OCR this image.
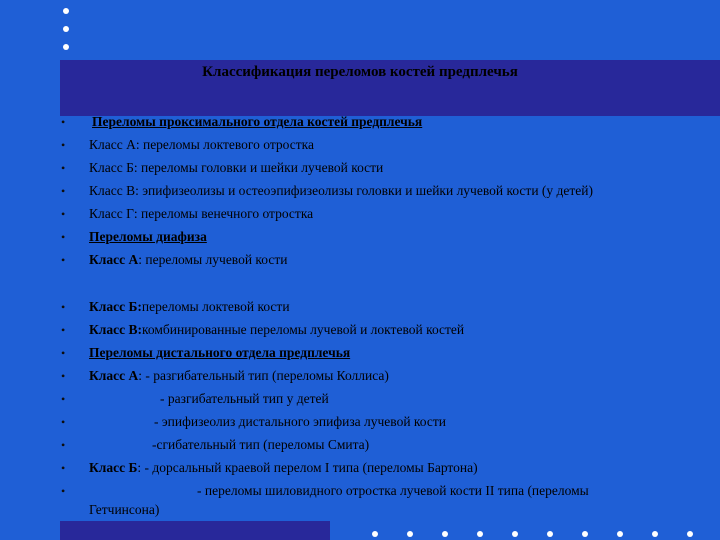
Классификация переломов костей предплечья
• Переломы проксимального отдела костей предплечья
• Класс А: переломы локтевого отростка
• Класс Б: переломы головки и шейки лучевой кости
• Класс В: эпифизеолизы и остеоэпифизеолизы головки и шейки лучевой кости (у детей)
• Класс Г: переломы венечного отростка
• Переломы диафиза
• Класс А: переломы лучевой кости
• Класс Б:переломы локтевой кости
• Класс В:комбинированные переломы лучевой и локтевой костей
• Переломы дистального отдела предплечья
• Класс А: - разгибательный тип (переломы Коллиса)
•	- разгибательный тип у детей
•	- эпифизеолиз дистального эпифиза лучевой кости
•	-сгибательный тип (переломы Смита)
• Класс Б: - дорсальный краевой перелом I типа (переломы Бартона)
•	- переломы шиловидного отростка лучевой кости II типа (переломы
Гетчинсона)
